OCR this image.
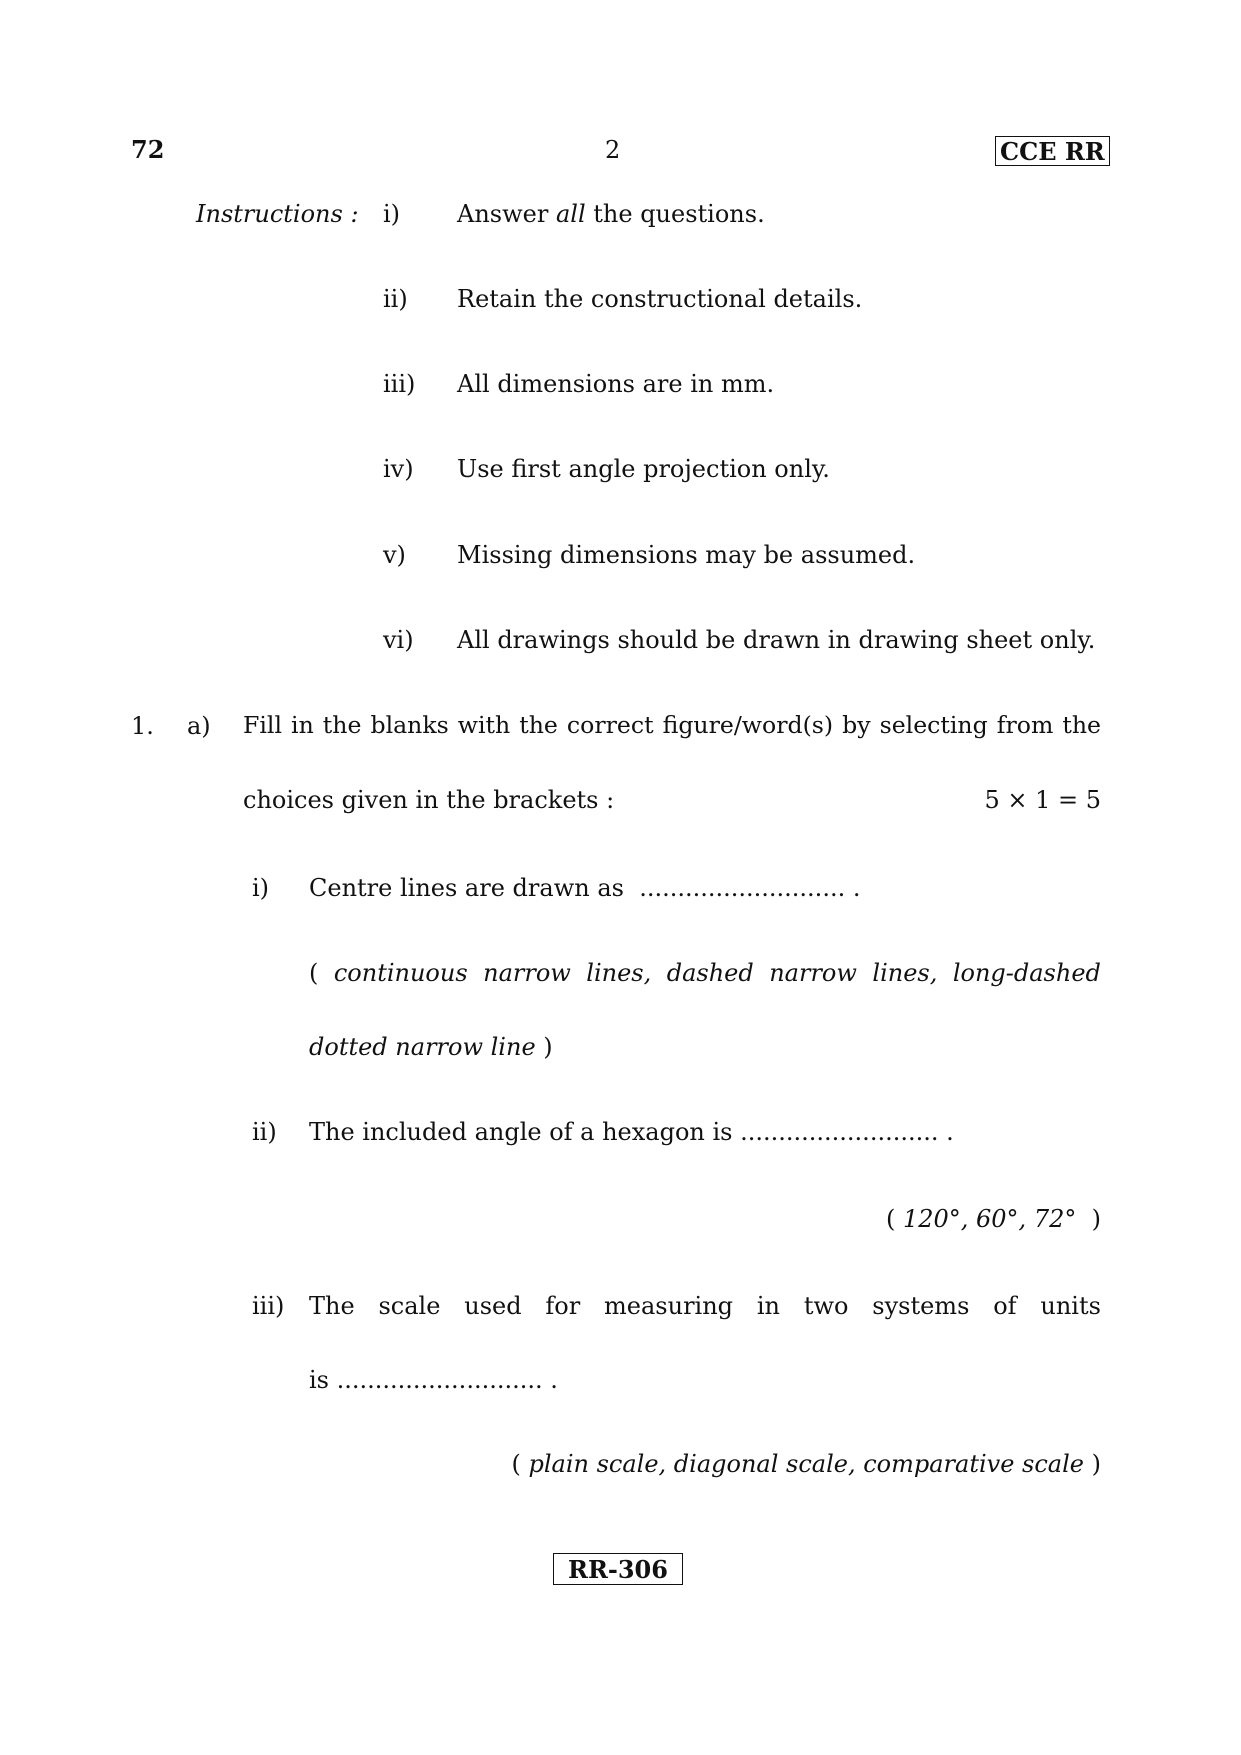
72	2	CCE RR
Instructions : i) Answer all the questions.
ii) Retain the constructional details.
iii) All dimensions are in mm.
iv) Use first angle projection only.
v) Missing dimensions may be assumed.
vi) All drawings should be drawn in drawing sheet only.
1. a) Fill in the blanks with the correct figure/word(s) by selecting from the
choices given in the brackets :	5 × 1 = 5
i) Centre lines are drawn as ........................... .
( continuous narrow lines, dashed narrow lines, long-dashed
dotted narrow line )
ii) The included angle of a hexagon is .......................... .
( 120°, 60°, 72° )
iii) The scale used for measuring in two systems of units
is ........................... .
( plain scale, diagonal scale, comparative scale )
RR-306
